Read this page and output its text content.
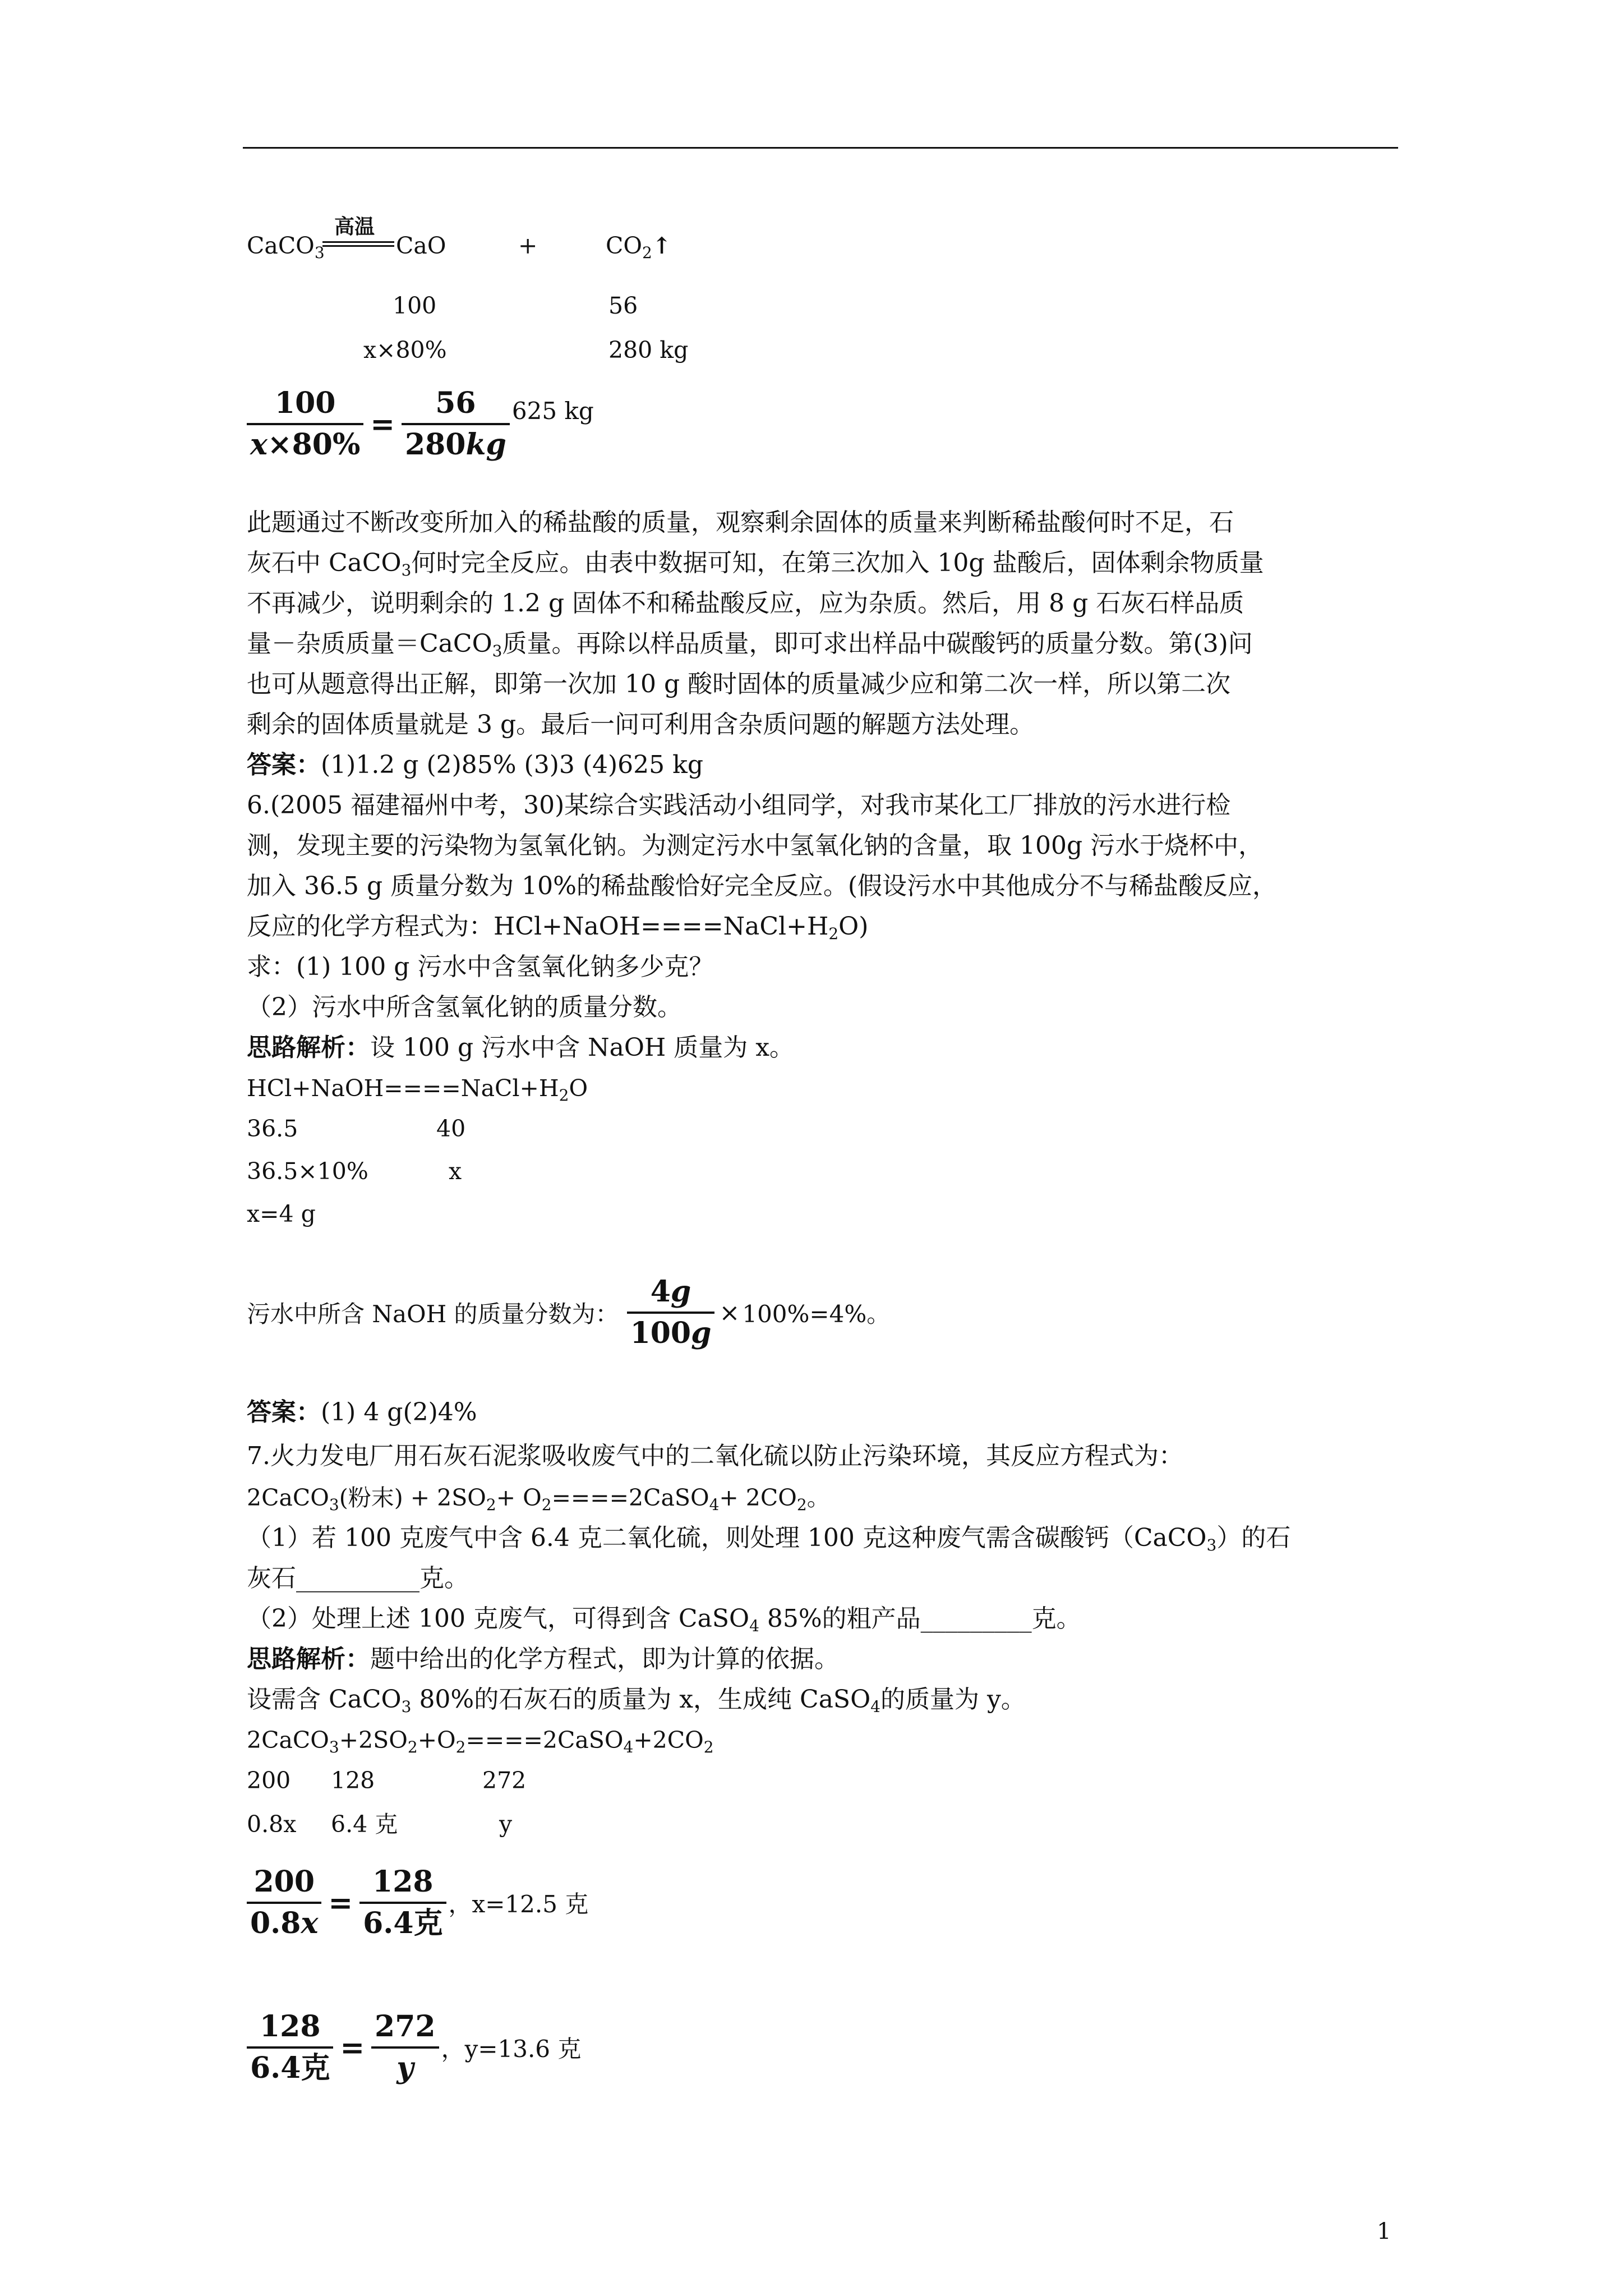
高温
CaCO$_3$	CaO	+	$CO_2↑$
100	56
x×80%	280 kg
$\frac{100}{x\times 80\%} = \frac{56}{280kg} 625$ kg
此题通过不断改变所加入的稀盐酸的质量，观察剩余固体的质量来判断稀盐酸何时不足，石
灰石中 CaCO$_3$何时完全反应。由表中数据可知，在第三次加入 10g 盐酸后，固体剩余物质量
不再减少，说明剩余的 1.2 g 固体不和稀盐酸反应，应为杂质。然后，用 8 g 石灰石样品质
量－杂质质量＝CaCO$_3$质量。再除以样品质量，即可求出样品中碳酸钙的质量分数。第(3)问
也可从题意得出正解，即第一次加 10 g 酸时固体的质量减少应和第二次一样，所以第二次
剩余的固体质量就是 3 g。最后一问可利用含杂质问题的解题方法处理。
答案：(1)1.2 g (2)85% (3)3 (4)625 kg
6.(2005 福建福州中考，30)某综合实践活动小组同学，对我市某化工厂排放的污水进行检
测，发现主要的污染物为氢氧化钠。为测定污水中氢氧化钠的含量，取 100g 污水于烧杯中，
加入 36.5 g 质量分数为 10%的稀盐酸恰好完全反应。(假设污水中其他成分不与稀盐酸反应，
反应的化学方程式为：$HCl+NaOH====NaCl+H_2O$)
求：(1) 100 g 污水中含氢氧化钠多少克？
（2）污水中所含氢氧化钠的质量分数。
思路解析：设 100 g 污水中含 NaOH 质量为 x。
$HCl+NaOH====NaCl+H_2O$
36.5	40
36.5×10%	x
x=4 g
污水中所含 NaOH 的质量分数为： $\frac{4g}{100g} \times 100\%=4\%$。
答案：(1) 4 g(2)4%
7.火力发电厂用石灰石泥浆吸收废气中的二氧化硫以防止污染环境，其反应方程式为：
2CaCO$_3$(粉末) + $2SO_2+$ $O_2====2CaSO_4+ 2CO_2$。
（1）若 100 克废气中含 6.4 克二氧化硫，则处理 100 克这种废气需含碳酸钙（CaCO$_3$）的石
灰石__________克。
（2）处理上述 100 克废气，可得到含 CaSO$_4$ 85%的粗产品_________克。
思路解析：题中给出的化学方程式，即为计算的依据。
设需含 CaCO$_3$ 80%的石灰石的质量为 x，生成纯 CaSO$_4$的质量为 y。
$2CaCO_3+2SO_2+O_2====2CaSO_4+2CO_2$
200 128	272
0.8x 6.4 克	y
$\frac{200}{0.8x} = \frac{128}{\text{6.4克}}$ ，x=12.5 克
$\frac{128}{\text{6.4克}} = \frac{272}{y}$ ，y=13.6 克
1
